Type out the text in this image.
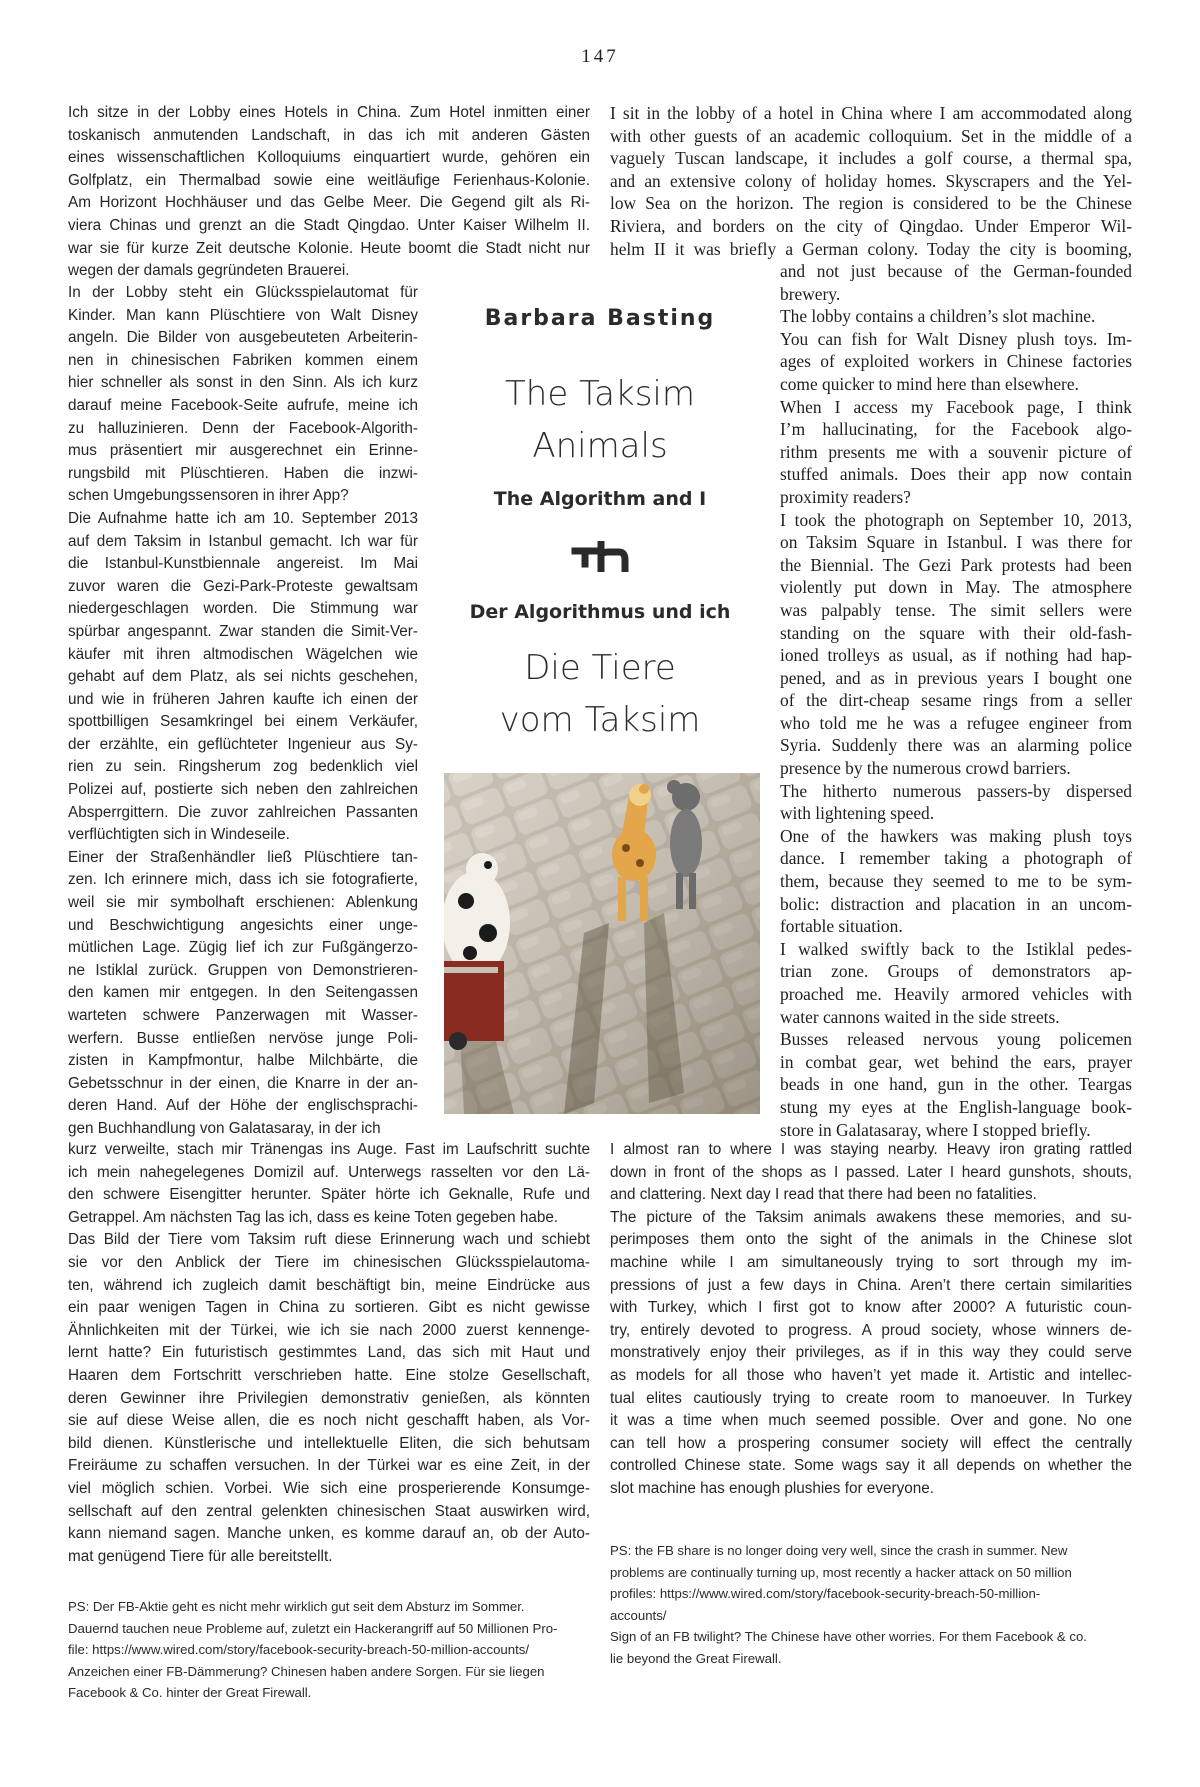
147
Ich sitze in der Lobby eines Hotels in China. Zum Hotel inmitten einer
toskanisch anmutenden Landschaft, in das ich mit anderen Gästen
eines wissenschaftlichen Kolloquiums einquartiert wurde, gehören ein
Golfplatz, ein Thermalbad sowie eine weitläufige Ferienhaus-Kolonie.
Am Horizont Hochhäuser und das Gelbe Meer. Die Gegend gilt als Ri-
viera Chinas und grenzt an die Stadt Qingdao. Unter Kaiser Wilhelm II.
war sie für kurze Zeit deutsche Kolonie. Heute boomt die Stadt nicht nur
wegen der damals gegründeten Brauerei.
In der Lobby steht ein Glücksspielautomat für
Kinder. Man kann Plüschtiere von Walt Disney
angeln. Die Bilder von ausgebeuteten Arbeiterin-
nen in chinesischen Fabriken kommen einem
hier schneller als sonst in den Sinn. Als ich kurz
darauf meine Facebook-Seite aufrufe, meine ich
zu halluzinieren. Denn der Facebook-Algorith-
mus präsentiert mir ausgerechnet ein Erinne-
rungsbild mit Plüschtieren. Haben die inzwi-
schen Umgebungssensoren in ihrer App?
Die Aufnahme hatte ich am 10. September 2013
auf dem Taksim in Istanbul gemacht. Ich war für
die Istanbul-Kunstbiennale angereist. Im Mai
zuvor waren die Gezi-Park-Proteste gewaltsam
niedergeschlagen worden. Die Stimmung war
spürbar angespannt. Zwar standen die Simit-Ver-
käufer mit ihren altmodischen Wägelchen wie
gehabt auf dem Platz, als sei nichts geschehen,
und wie in früheren Jahren kaufte ich einen der
spottbilligen Sesamkringel bei einem Verkäufer,
der erzählte, ein geflüchteter Ingenieur aus Sy-
rien zu sein. Ringsherum zog bedenklich viel
Polizei auf, postierte sich neben den zahlreichen
Absperrgittern. Die zuvor zahlreichen Passanten
verflüchtigten sich in Windeseile.
Einer der Straßenhändler ließ Plüschtiere tan-
zen. Ich erinnere mich, dass ich sie fotografierte,
weil sie mir symbolhaft erschienen: Ablenkung
und Beschwichtigung angesichts einer unge-
mütlichen Lage. Zügig lief ich zur Fußgängerzo-
ne Istiklal zurück. Gruppen von Demonstrieren-
den kamen mir entgegen. In den Seitengassen
warteten schwere Panzerwagen mit Wasser-
werfern. Busse entließen nervöse junge Poli-
zisten in Kampfmontur, halbe Milchbärte, die
Gebetsschnur in der einen, die Knarre in der an-
deren Hand. Auf der Höhe der englischsprachi-
gen Buchhandlung von Galatasaray, in der ich
kurz verweilte, stach mir Tränengas ins Auge. Fast im Laufschritt suchte
ich mein nahegelegenes Domizil auf. Unterwegs rasselten vor den Lä-
den schwere Eisengitter herunter. Später hörte ich Geknalle, Rufe und
Getrappel. Am nächsten Tag las ich, dass es keine Toten gegeben habe.
Das Bild der Tiere vom Taksim ruft diese Erinnerung wach und schiebt
sie vor den Anblick der Tiere im chinesischen Glücksspielautoma-
ten, während ich zugleich damit beschäftigt bin, meine Eindrücke aus
ein paar wenigen Tagen in China zu sortieren. Gibt es nicht gewisse
Ähnlichkeiten mit der Türkei, wie ich sie nach 2000 zuerst kennenge-
lernt hatte? Ein futuristisch gestimmtes Land, das sich mit Haut und
Haaren dem Fortschritt verschrieben hatte. Eine stolze Gesellschaft,
deren Gewinner ihre Privilegien demonstrativ genießen, als könnten
sie auf diese Weise allen, die es noch nicht geschafft haben, als Vor-
bild dienen. Künstlerische und intellektuelle Eliten, die sich behutsam
Freiräume zu schaffen versuchen. In der Türkei war es eine Zeit, in der
viel möglich schien. Vorbei. Wie sich eine prosperierende Konsumge-
sellschaft auf den zentral gelenkten chinesischen Staat auswirken wird,
kann niemand sagen. Manche unken, es komme darauf an, ob der Auto-
mat genügend Tiere für alle bereitstellt.
PS: Der FB-Aktie geht es nicht mehr wirklich gut seit dem Absturz im Sommer.
Dauernd tauchen neue Probleme auf, zuletzt ein Hackerangriff auf 50 Millionen Pro-
file: https://www.wired.com/story/facebook-security-breach-50-million-accounts/
Anzeichen einer FB-Dämmerung? Chinesen haben andere Sorgen. Für sie liegen
Facebook & Co. hinter der Great Firewall.
I sit in the lobby of a hotel in China where I am accommodated along
with other guests of an academic colloquium. Set in the middle of a
vaguely Tuscan landscape, it includes a golf course, a thermal spa,
and an extensive colony of holiday homes. Skyscrapers and the Yel-
low Sea on the horizon. The region is considered to be the Chinese
Riviera, and borders on the city of Qingdao. Under Emperor Wil-
helm II it was briefly a German colony. Today the city is booming,
and not just because of the German-founded
brewery.
The lobby contains a children’s slot machine.
You can fish for Walt Disney plush toys. Im-
ages of exploited workers in Chinese factories
come quicker to mind here than elsewhere.
When I access my Facebook page, I think
I’m hallucinating, for the Facebook algo-
rithm presents me with a souvenir picture of
stuffed animals. Does their app now contain
proximity readers?
I took the photograph on September 10, 2013,
on Taksim Square in Istanbul. I was there for
the Biennial. The Gezi Park protests had been
violently put down in May. The atmosphere
was palpably tense. The simit sellers were
standing on the square with their old-fash-
ioned trolleys as usual, as if nothing had hap-
pened, and as in previous years I bought one
of the dirt-cheap sesame rings from a seller
who told me he was a refugee engineer from
Syria. Suddenly there was an alarming police
presence by the numerous crowd barriers.
The hitherto numerous passers-by dispersed
with lightening speed.
One of the hawkers was making plush toys
dance. I remember taking a photograph of
them, because they seemed to me to be sym-
bolic: distraction and placation in an uncom-
fortable situation.
I walked swiftly back to the Istiklal pedes-
trian zone. Groups of demonstrators ap-
proached me. Heavily armored vehicles with
water cannons waited in the side streets.
Busses released nervous young policemen
in combat gear, wet behind the ears, prayer
beads in one hand, gun in the other. Teargas
stung my eyes at the English-language book-
store in Galatasaray, where I stopped briefly.
I almost ran to where I was staying nearby. Heavy iron grating rattled
down in front of the shops as I passed. Later I heard gunshots, shouts,
and clattering. Next day I read that there had been no fatalities.
The picture of the Taksim animals awakens these memories, and su-
perimposes them onto the sight of the animals in the Chinese slot
machine while I am simultaneously trying to sort through my im-
pressions of just a few days in China. Aren’t there certain similarities
with Turkey, which I first got to know after 2000? A futuristic coun-
try, entirely devoted to progress. A proud society, whose winners de-
monstratively enjoy their privileges, as if in this way they could serve
as models for all those who haven’t yet made it. Artistic and intellec-
tual elites cautiously trying to create room to manoeuver. In Turkey
it was a time when much seemed possible. Over and gone. No one
can tell how a prospering consumer society will effect the centrally
controlled Chinese state. Some wags say it all depends on whether the
slot machine has enough plushies for everyone.
PS: the FB share is no longer doing very well, since the crash in summer. New
problems are continually turning up, most recently a hacker attack on 50 million
profiles: https://www.wired.com/story/facebook-security-breach-50-million-
accounts/
Sign of an FB twilight? The Chinese have other worries. For them Facebook & co.
lie beyond the Great Firewall.
Barbara Basting
The Taksim
Animals
The Algorithm and I
Der Algorithmus und ich
Die Tiere
vom Taksim
